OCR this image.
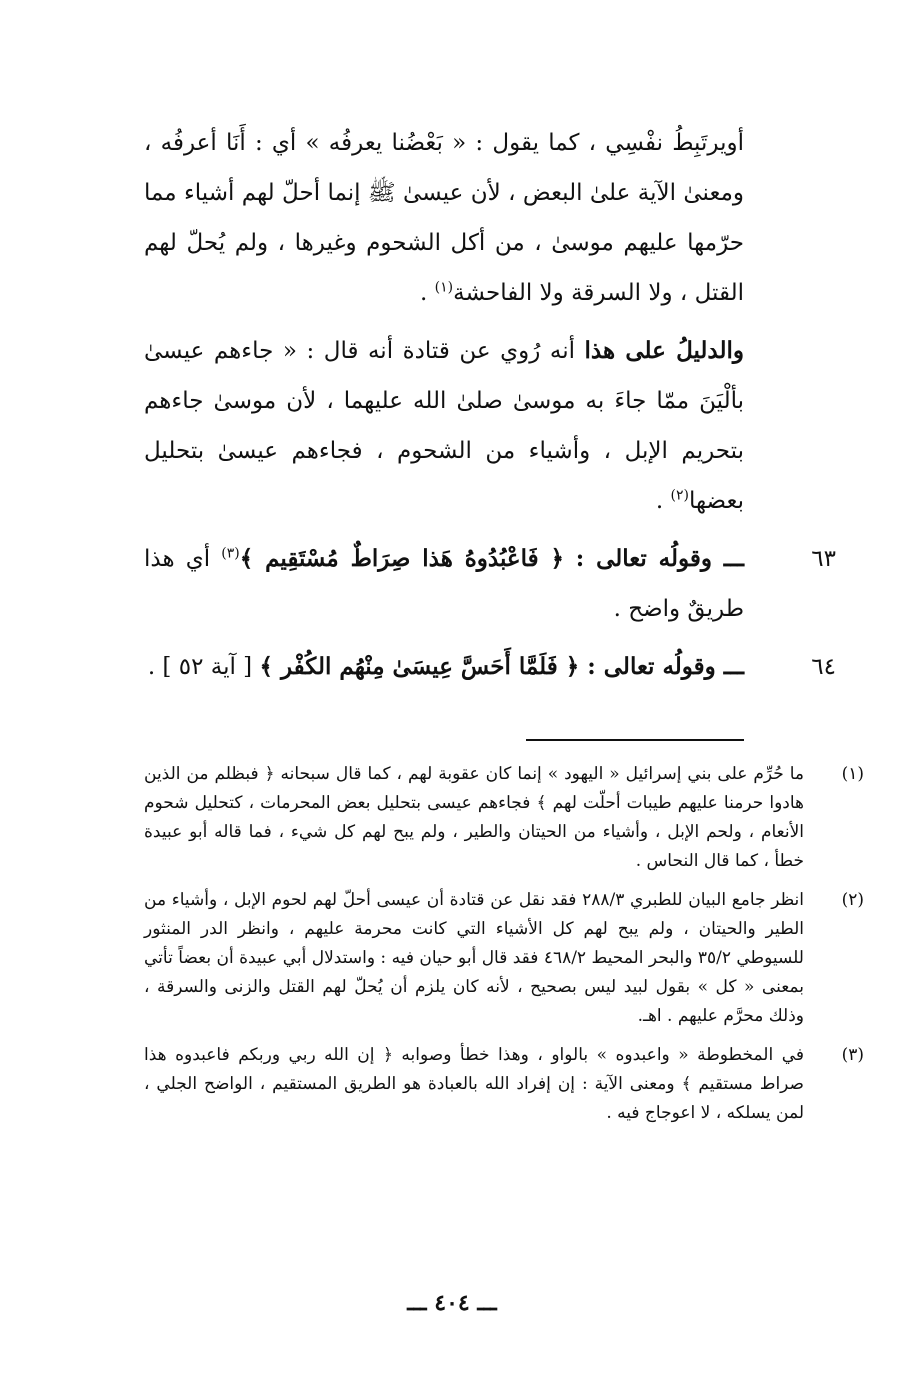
أويرتَبِطُ نفْسِي ، كما يقول : « بَعْضُنا يعرفُه » أي : أَنَا أعرفُه ، ومعنىٰ الآية علىٰ البعض ، لأن عيسىٰ ﷺ إنما أحلّ لهم أشياء مما حرّمها عليهم موسىٰ ، من أكل الشحوم وغيرها ، ولم يُحلّ لهم القتل ، ولا السرقة ولا الفاحشة$^{(١)}$ .

والدليلُ على هذا أنه رُوي عن قتادة أنه قال : « جاءهم عيسىٰ بألْيَنَ ممّا جاءَ به موسىٰ صلىٰ الله عليهما ، لأن موسىٰ جاءهم بتحريم الإبل ، وأشياء من الشحوم ، فجاءهم عيسىٰ بتحليل بعضها$^{(٢)}$ .

٦٣
ـــ وقولُه تعالى : ﴿ فَاعْبُدُوهُ هَذا صِرَاطٌ مُسْتَقِيم ﴾$^{(٣)}$ أي هذا طريقٌ واضح .

٦٤
ـــ وقولُه تعالى : ﴿ فَلَمَّا أَحَسَّ عِيسَىٰ مِنْهُم الكُفْر ﴾ [ آية ٥٢ ] .

(١)
ما حُرِّم على بني إسرائيل « اليهود » إنما كان عقوبة لهم ، كما قال سبحانه ﴿ فبظلم من الذين هادوا حرمنا عليهم طيبات أحلّت لهم ﴾ فجاءهم عيسى بتحليل بعض المحرمات ، كتحليل شحوم الأنعام ، ولحم الإبل ، وأشياء من الحيتان والطير ، ولم يبح لهم كل شيء ، فما قاله أبو عبيدة خطأ ، كما قال النحاس .

(٢)
انظر جامع البيان للطبري ٢٨٨/٣ فقد نقل عن قتادة أن عيسى أحلّ لهم لحوم الإبل ، وأشياء من الطير والحيتان ، ولم يبح لهم كل الأشياء التي كانت محرمة عليهم ، وانظر الدر المنثور للسيوطي ٣٥/٢ والبحر المحيط ٤٦٨/٢ فقد قال أبو حيان فيه : واستدلال أبي عبيدة أن بعضاً تأتي بمعنى « كل » بقول لبيد ليس بصحيح ، لأنه كان يلزم أن يُحلّ لهم القتل والزنى والسرقة ، وذلك محرَّم عليهم . اهـ.

(٣)
في المخطوطة « واعبدوه » بالواو ، وهذا خطأ وصوابه ﴿ إن الله ربي وربكم فاعبدوه هذا صراط مستقيم ﴾ ومعنى الآية : إن إفراد الله بالعبادة هو الطريق المستقيم ، الواضح الجلي ، لمن يسلكه ، لا اعوجاج فيه .

ـــ ٤٠٤ ـــ
